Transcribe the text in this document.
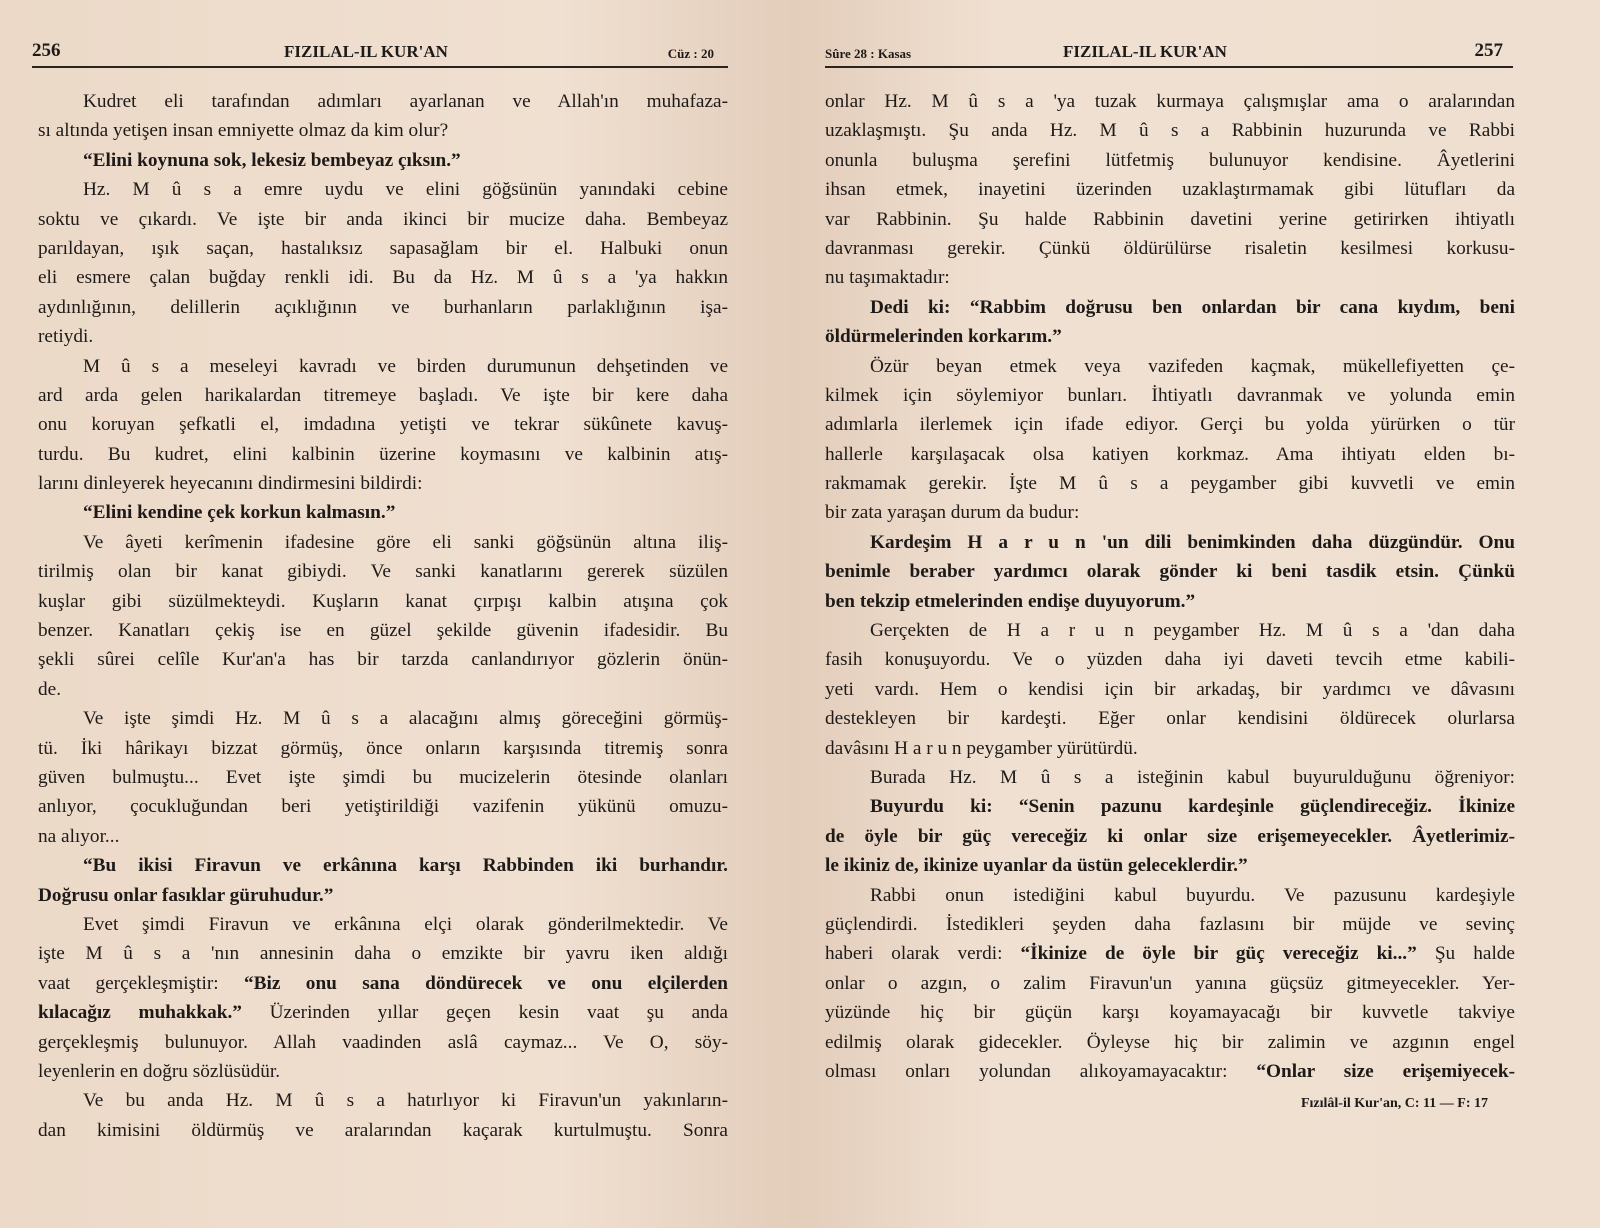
256	FIZILAL-IL KUR'AN	Cüz : 20
Kudret eli tarafından adımları ayarlanan ve Allah'ın muhafaza-
sı altında yetişen insan emniyette olmaz da kim olur?
“Elini koynuna sok, lekesiz bembeyaz çıksın.”
Hz. M û s a emre uydu ve elini göğsünün yanındaki cebine
soktu ve çıkardı. Ve işte bir anda ikinci bir mucize daha. Bembeyaz
parıldayan, ışık saçan, hastalıksız sapasağlam bir el. Halbuki onun
eli esmere çalan buğday renkli idi. Bu da Hz. M û s a 'ya hakkın
aydınlığının, delillerin açıklığının ve burhanların parlaklığının işa-
retiydi.
M û s a meseleyi kavradı ve birden durumunun dehşetinden ve
ard arda gelen harikalardan titremeye başladı. Ve işte bir kere daha
onu koruyan şefkatli el, imdadına yetişti ve tekrar sükûnete kavuş-
turdu. Bu kudret, elini kalbinin üzerine koymasını ve kalbinin atış-
larını dinleyerek heyecanını dindirmesini bildirdi:
“Elini kendine çek korkun kalmasın.”
Ve âyeti kerîmenin ifadesine göre eli sanki göğsünün altına iliş-
tirilmiş olan bir kanat gibiydi. Ve sanki kanatlarını gererek süzülen
kuşlar gibi süzülmekteydi. Kuşların kanat çırpışı kalbin atışına çok
benzer. Kanatları çekiş ise en güzel şekilde güvenin ifadesidir. Bu
şekli sûrei celîle Kur'an'a has bir tarzda canlandırıyor gözlerin önün-
de.
Ve işte şimdi Hz. M û s a alacağını almış göreceğini görmüş-
tü. İki hârikayı bizzat görmüş, önce onların karşısında titremiş sonra
güven bulmuştu... Evet işte şimdi bu mucizelerin ötesinde olanları
anlıyor, çocukluğundan beri yetiştirildiği vazifenin yükünü omuzu-
na alıyor...
“Bu ikisi Firavun ve erkânına karşı Rabbinden iki burhandır.
Doğrusu onlar fasıklar güruhudur.”
Evet şimdi Firavun ve erkânına elçi olarak gönderilmektedir. Ve
işte M û s a 'nın annesinin daha o emzikte bir yavru iken aldığı
vaat gerçekleşmiştir: “Biz onu sana döndürecek ve onu elçilerden
kılacağız muhakkak.” Üzerinden yıllar geçen kesin vaat şu anda
gerçekleşmiş bulunuyor. Allah vaadinden aslâ caymaz... Ve O, söy-
leyenlerin en doğru sözlüsüdür.
Ve bu anda Hz. M û s a hatırlıyor ki Firavun'un yakınların-
dan kimisini öldürmüş ve aralarından kaçarak kurtulmuştu. Sonra
Sûre 28 : Kasas	FIZILAL-IL KUR'AN	257
onlar Hz. M û s a 'ya tuzak kurmaya çalışmışlar ama o aralarından
uzaklaşmıştı. Şu anda Hz. M û s a Rabbinin huzurunda ve Rabbi
onunla buluşma şerefini lütfetmiş bulunuyor kendisine. Âyetlerini
ihsan etmek, inayetini üzerinden uzaklaştırmamak gibi lütufları da
var Rabbinin. Şu halde Rabbinin davetini yerine getirirken ihtiyatlı
davranması gerekir. Çünkü öldürülürse risaletin kesilmesi korkusu-
nu taşımaktadır:
Dedi ki: “Rabbim doğrusu ben onlardan bir cana kıydım, beni
öldürmelerinden korkarım.”
Özür beyan etmek veya vazifeden kaçmak, mükellefiyetten çe-
kilmek için söylemiyor bunları. İhtiyatlı davranmak ve yolunda emin
adımlarla ilerlemek için ifade ediyor. Gerçi bu yolda yürürken o tür
hallerle karşılaşacak olsa katiyen korkmaz. Ama ihtiyatı elden bı-
rakmamak gerekir. İşte M û s a peygamber gibi kuvvetli ve emin
bir zata yaraşan durum da budur:
Kardeşim H a r u n 'un dili benimkinden daha düzgündür. Onu
benimle beraber yardımcı olarak gönder ki beni tasdik etsin. Çünkü
ben tekzip etmelerinden endişe duyuyorum.”
Gerçekten de H a r u n peygamber Hz. M û s a 'dan daha
fasih konuşuyordu. Ve o yüzden daha iyi daveti tevcih etme kabili-
yeti vardı. Hem o kendisi için bir arkadaş, bir yardımcı ve dâvasını
destekleyen bir kardeşti. Eğer onlar kendisini öldürecek olurlarsa
davâsını H a r u n peygamber yürütürdü.
Burada Hz. M û s a isteğinin kabul buyurulduğunu öğreniyor:
Buyurdu ki: “Senin pazunu kardeşinle güçlendireceğiz. İkinize
de öyle bir güç vereceğiz ki onlar size erişemeyecekler. Âyetlerimiz-
le ikiniz de, ikinize uyanlar da üstün geleceklerdir.”
Rabbi onun istediğini kabul buyurdu. Ve pazusunu kardeşiyle
güçlendirdi. İstedikleri şeyden daha fazlasını bir müjde ve sevinç
haberi olarak verdi: “İkinize de öyle bir güç vereceğiz ki...” Şu halde
onlar o azgın, o zalim Firavun'un yanına güçsüz gitmeyecekler. Yer-
yüzünde hiç bir güçün karşı koyamayacağı bir kuvvetle takviye
edilmiş olarak gidecekler. Öyleyse hiç bir zalimin ve azgının engel
olması onları yolundan alıkoyamayacaktır: “Onlar size erişemiyecek-
Fızılâl-il Kur'an, C: 11 — F: 17
